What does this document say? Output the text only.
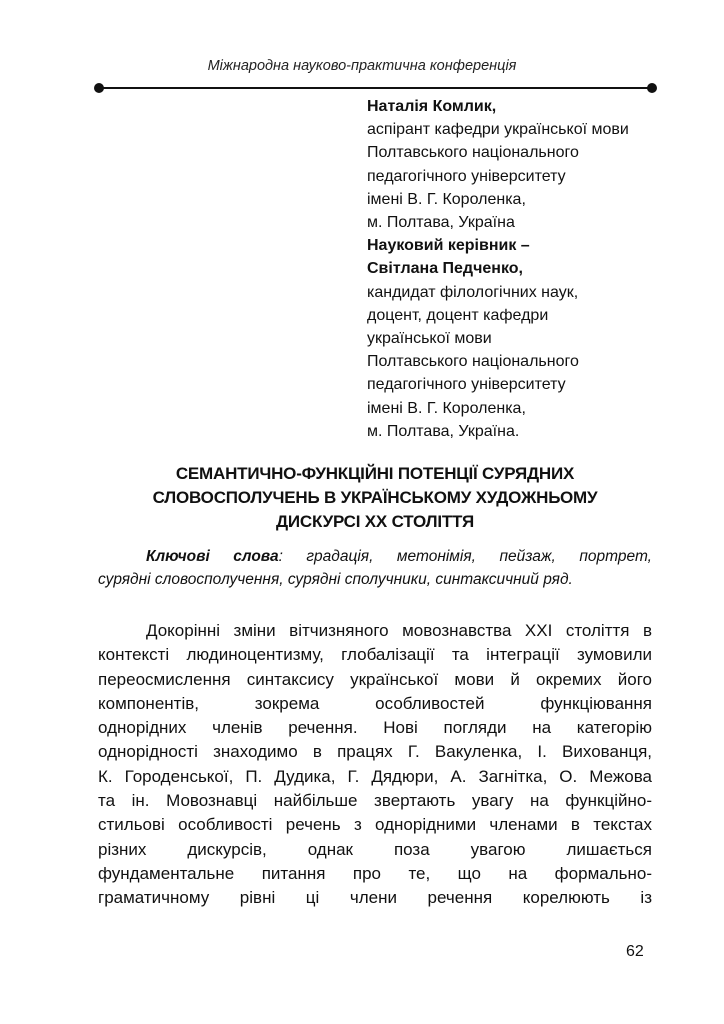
Міжнародна науково-практична конференція
Наталія Комлик,
аспірант кафедри української мови
Полтавського національного
педагогічного університету
імені В. Г. Короленка,
м. Полтава, Україна
Науковий керівник –
Світлана Педченко,
кандидат філологічних наук,
доцент, доцент кафедри
української мови
Полтавського національного
педагогічного університету
імені В. Г. Короленка,
м. Полтава, Україна.
СЕМАНТИЧНО-ФУНКЦІЙНІ ПОТЕНЦІЇ СУРЯДНИХ
СЛОВОСПОЛУЧЕНЬ В УКРАЇНСЬКОМУ ХУДОЖНЬОМУ
ДИСКУРСІ ХХ СТОЛІТТЯ
Ключові слова: градація, метонімія, пейзаж, портрет,
сурядні словосполучення, сурядні сполучники, синтаксичний ряд.
Докорінні зміни вітчизняного мовознавства ХХІ століття в
контексті людиноцентизму, глобалізації та інтеграції зумовили
переосмислення синтаксису української мови й окремих його
компонентів, зокрема особливостей функціювання
однорідних членів речення. Нові погляди на категорію
однорідності знаходимо в працях Г. Вакуленка, І. Вихованця,
К. Городенської, П. Дудика, Г. Дядюри, А. Загнітка, О. Межова
та ін. Мовознавці найбільше звертають увагу на функційно-
стильові особливості речень з однорідними членами в текстах
різних дискурсів, однак поза увагою лишається
фундаментальне питання про те, що на формально-
граматичному рівні ці члени речення корелюють із
62
